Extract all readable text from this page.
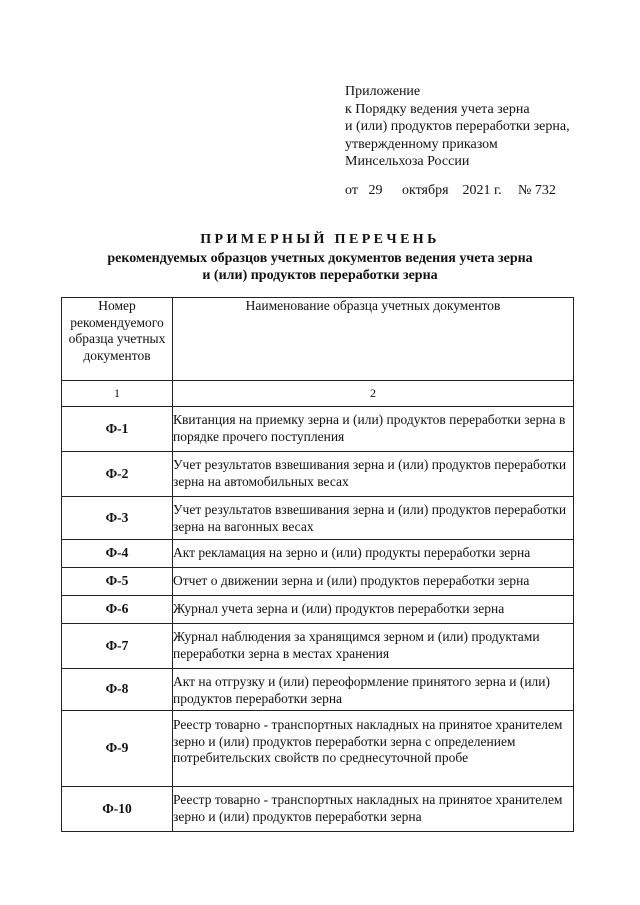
Приложение
к Порядку ведения учета зерна
и (или) продуктов переработки зерна,
утвержденному приказом
Минсельхоза России
от 29 октября 2021 г. № 732
ПРИМЕРНЫЙ ПЕРЕЧЕНЬ
рекомендуемых образцов учетных документов ведения учета зерна
и (или) продуктов переработки зерна
Номер рекомендуемого образца учетных документов	Наименование образца учетных документов
1	2
Ф-1	Квитанция на приемку зерна и (или) продуктов переработки зерна в порядке прочего поступления
Ф-2	Учет результатов взвешивания зерна и (или) продуктов переработки зерна на автомобильных весах
Ф-3	Учет результатов взвешивания зерна и (или) продуктов переработки зерна на вагонных весах
Ф-4	Акт рекламация на зерно и (или) продукты переработки зерна
Ф-5	Отчет о движении зерна и (или) продуктов переработки зерна
Ф-6	Журнал учета зерна и (или) продуктов переработки зерна
Ф-7	Журнал наблюдения за хранящимся зерном и (или) продуктами переработки зерна в местах хранения
Ф-8	Акт на отгрузку и (или) переоформление принятого зерна и (или) продуктов переработки зерна
Ф-9	Реестр товарно - транспортных накладных на принятое хранителем зерно и (или) продуктов переработки зерна с определением потребительских свойств по среднесуточной пробе
Ф-10	Реестр товарно - транспортных накладных на принятое хранителем зерно и (или) продуктов переработки зерна
